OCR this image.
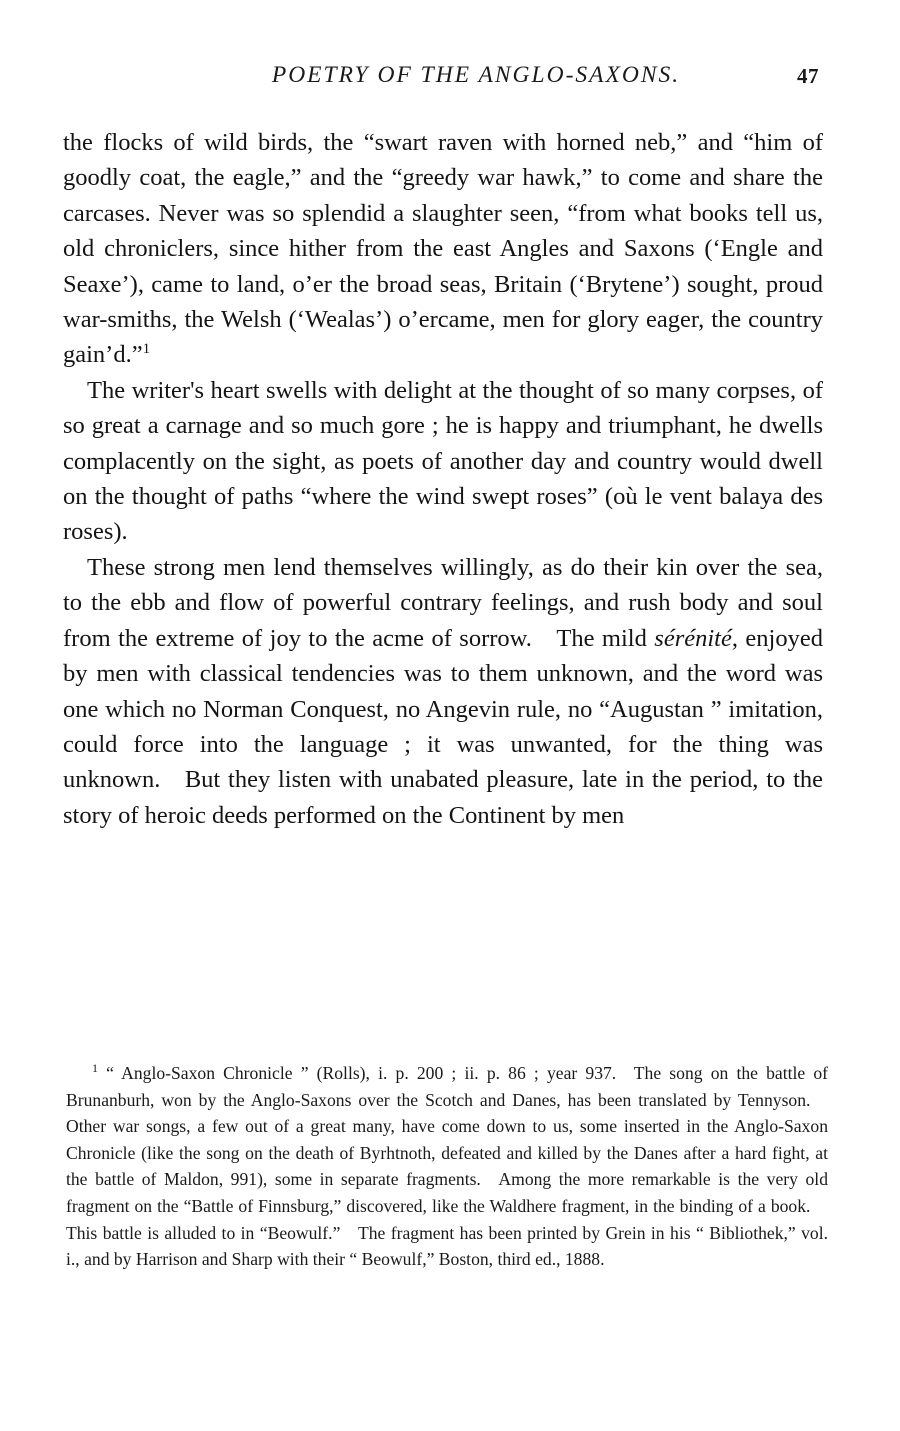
POETRY OF THE ANGLO-SAXONS.	47

the flocks of wild birds, the “swart raven with horned neb,” and “him of goodly coat, the eagle,” and the “greedy war hawk,” to come and share the carcases. Never was so splendid a slaughter seen, “from what books tell us, old chroniclers, since hither from the east Angles and Saxons (‘Engle and Seaxe’), came to land, o’er the broad seas, Britain (‘Brytene’) sought, proud war-smiths, the Welsh (‘Wealas’) o’ercame, men for glory eager, the country gain’d.”$^1$

The writer's heart swells with delight at the thought of so many corpses, of so great a carnage and so much gore ; he is happy and triumphant, he dwells complacently on the sight, as poets of another day and country would dwell on the thought of paths “where the wind swept roses” (où le vent balaya des roses).

These strong men lend themselves willingly, as do their kin over the sea, to the ebb and flow of powerful contrary feelings, and rush body and soul from the extreme of joy to the acme of sorrow. The mild sérénité, enjoyed by men with classical tendencies was to them unknown, and the word was one which no Norman Conquest, no Angevin rule, no “Augustan ” imitation, could force into the language ; it was unwanted, for the thing was unknown. But they listen with unabated pleasure, late in the period, to the story of heroic deeds performed on the Continent by men

$^1$ “ Anglo-Saxon Chronicle ” (Rolls), i. p. 200 ; ii. p. 86 ; year 937. The song on the battle of Brunanburh, won by the Anglo-Saxons over the Scotch and Danes, has been translated by Tennyson. Other war songs, a few out of a great many, have come down to us, some inserted in the Anglo-Saxon Chronicle (like the song on the death of Byrhtnoth, defeated and killed by the Danes after a hard fight, at the battle of Maldon, 991), some in separate fragments. Among the more remarkable is the very old fragment on the “Battle of Finnsburg,” discovered, like the Waldhere fragment, in the binding of a book. This battle is alluded to in “Beowulf.” The fragment has been printed by Grein in his “ Bibliothek,” vol. i., and by Harrison and Sharp with their “ Beowulf,” Boston, third ed., 1888.
